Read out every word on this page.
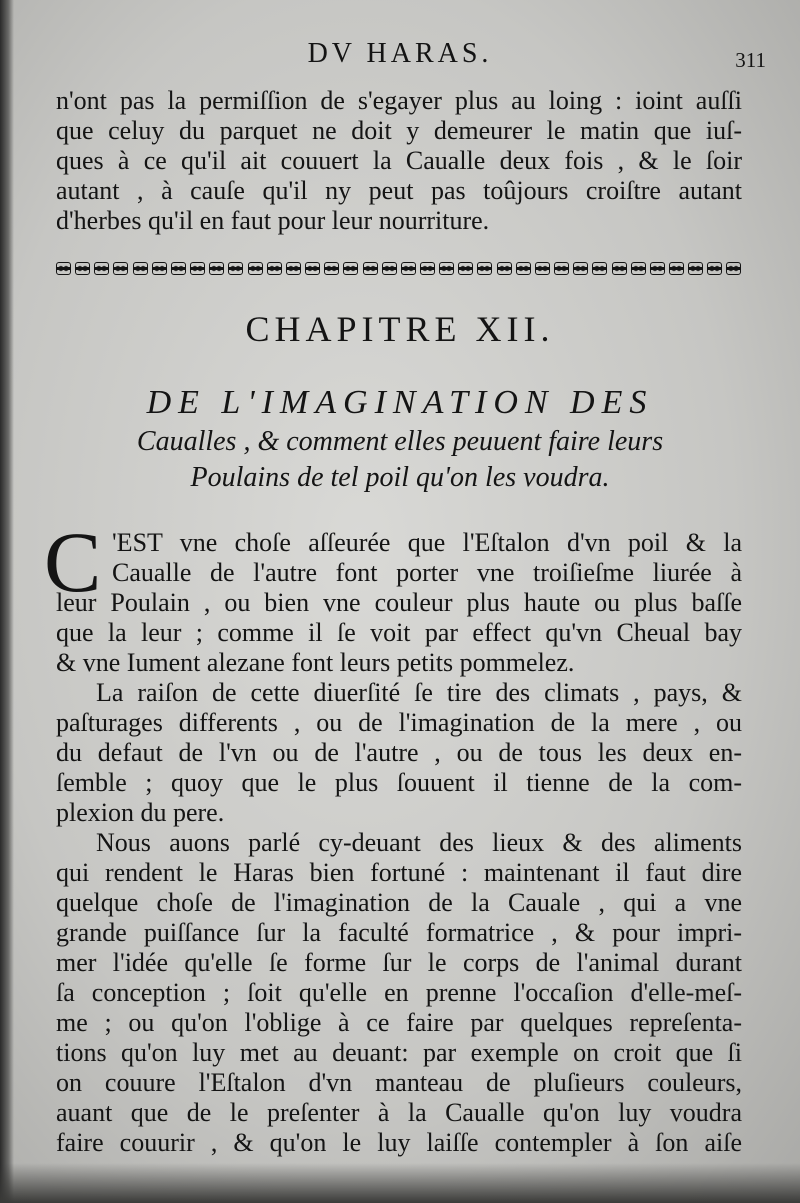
DV HARAS.	311
n'ont pas la permiſſion de s'egayer plus au loing : ioint auſſi
que celuy du parquet ne doit y demeurer le matin que iuſ-
ques à ce qu'il ait couuert la Caualle deux fois , & le ſoir
autant , à cauſe qu'il ny peut pas toûjours croiſtre autant
d'herbes qu'il en faut pour leur nourriture.
CHAPITRE XII.
DE L'IMAGINATION DES
Caualles , & comment elles peuuent faire leurs
Poulains de tel poil qu'on les voudra.
C 'EST vne choſe aſſeurée que l'Eſtalon d'vn poil & la
Caualle de l'autre font porter vne troiſieſme liurée à
leur Poulain , ou bien vne couleur plus haute ou plus baſſe
que la leur ; comme il ſe voit par effect qu'vn Cheual bay
& vne Iument alezane font leurs petits pommelez.
La raiſon de cette diuerſité ſe tire des climats , pays, &
paſturages differents , ou de l'imagination de la mere , ou
du defaut de l'vn ou de l'autre , ou de tous les deux en-
ſemble ; quoy que le plus ſouuent il tienne de la com-
plexion du pere.
Nous auons parlé cy-deuant des lieux & des aliments
qui rendent le Haras bien fortuné : maintenant il faut dire
quelque choſe de l'imagination de la Cauale , qui a vne
grande puiſſance ſur la faculté formatrice , & pour impri-
mer l'idée qu'elle ſe forme ſur le corps de l'animal durant
ſa conception ; ſoit qu'elle en prenne l'occaſion d'elle-meſ-
me ; ou qu'on l'oblige à ce faire par quelques repreſenta-
tions qu'on luy met au deuant: par exemple on croit que ſi
on couure l'Eſtalon d'vn manteau de pluſieurs couleurs,
auant que de le preſenter à la Caualle qu'on luy voudra
faire couurir , & qu'on le luy laiſſe contempler à ſon aiſe
